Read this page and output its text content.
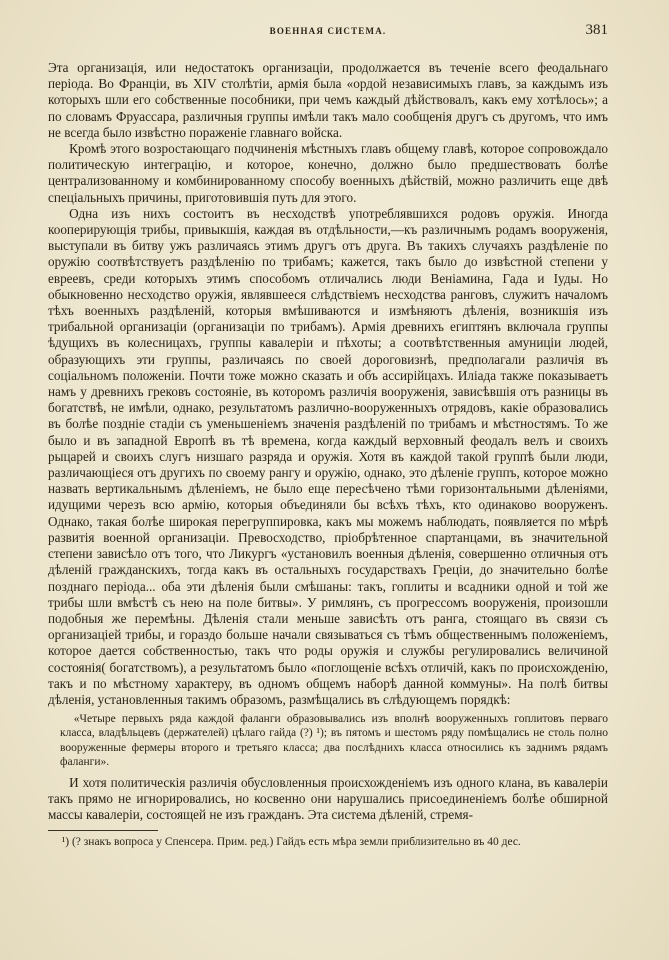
ВОЕННАЯ СИСТЕМА.	381

Эта организація, или недостатокъ организаціи, продолжается въ теченіе всего феодальнаго періода. Во Франціи, въ XIV столѣтіи, армія была «ордой независимыхъ главъ, за каждымъ изъ которыхъ шли его собственные пособники, при чемъ каждый дѣйствовалъ, какъ ему хотѣлось»; а по словамъ Фруассара, различныя группы имѣли такъ мало сообщенія другъ съ другомъ, что имъ не всегда было извѣстно пораженіе главнаго войска.

Кромѣ этого возростающаго подчиненія мѣстныхъ главъ общему главѣ, которое сопровождало политическую интеграцію, и которое, конечно, должно было предшествовать болѣе централизованному и комбинированному способу военныхъ дѣйствій, можно различить еще двѣ спеціальныхъ причины, приготовившія путь для этого.

Одна изъ нихъ состоитъ въ несходствѣ употреблявшихся родовъ оружія. Иногда кооперирующія трибы, привыкшія, каждая въ отдѣльности,—къ различнымъ родамъ вооруженія, выступали въ битву ужъ различаясь этимъ другъ отъ друга. Въ такихъ случаяхъ раздѣленіе по оружію соотвѣтствуетъ раздѣленію по трибамъ; кажется, такъ было до извѣстной степени у евреевъ, среди которыхъ этимъ способомъ отличались люди Веніамина, Гада и Іуды. Но обыкновенно несходство оружія, являвшееся слѣдствіемъ несходства ранговъ, служитъ началомъ тѣхъ военныхъ раздѣленій, которыя вмѣшиваются и измѣняютъ дѣленія, возникшія изъ трибальной организаціи (организаціи по трибамъ). Армія древнихъ египтянъ включала группы ѣдущихъ въ колесницахъ, группы кавалеріи и пѣхоты; а соотвѣтственныя амуниціи людей, образующихъ эти группы, различаясь по своей дороговизнѣ, предполагали различія въ соціальномъ положеніи. Почти тоже можно сказать и объ ассирійцахъ. Иліада также показываетъ намъ у древнихъ грековъ состояніе, въ которомъ различія вооруженія, зависѣвшія отъ разницы въ богатствѣ, не имѣли, однако, результатомъ различно-вооруженныхъ отрядовъ, какіе образовались въ болѣе поздніе стадіи съ уменьшеніемъ значенія раздѣленій по трибамъ и мѣстностямъ. То же было и въ западной Европѣ въ тѣ времена, когда каждый верховный феодалъ велъ и своихъ рыцарей и своихъ слугъ низшаго разряда и оружія. Хотя въ каждой такой группѣ были люди, различающіеся отъ другихъ по своему рангу и оружію, однако, это дѣленіе группъ, которое можно назвать вертикальнымъ дѣленіемъ, не было еще пересѣчено тѣми горизонтальными дѣленіями, идущими черезъ всю армію, которыя объединяли бы всѣхъ тѣхъ, кто одинаково вооруженъ. Однако, такая болѣе широкая перегруппировка, какъ мы можемъ наблюдать, появляется по мѣрѣ развитія военной организаціи. Превосходство, пріобрѣтенное спартанцами, въ значительной степени зависѣло отъ того, что Ликургъ «установилъ военныя дѣленія, совершенно отличныя отъ дѣленій гражданскихъ, тогда какъ въ остальныхъ государствахъ Греціи, до значительно болѣе позднаго періода... оба эти дѣленія были смѣшаны: такъ, гоплиты и всадники одной и той же трибы шли вмѣстѣ съ нею на поле битвы». У римлянъ, съ прогрессомъ вооруженія, произошли подобныя же перемѣны. Дѣленія стали меньше зависѣть отъ ранга, стоящаго въ связи съ организаціей трибы, и гораздо больше начали связываться съ тѣмъ общественнымъ положеніемъ, которое дается собственностью, такъ что роды оружія и службы регулировались величиной состоянія( богатствомъ), а результатомъ было «поглощеніе всѣхъ отличій, какъ по происхожденію, такъ и по мѣстному характеру, въ одномъ общемъ наборѣ данной коммуны». На полѣ битвы дѣленія, установленныя такимъ образомъ, размѣщались въ слѣдующемъ порядкѣ:

«Четыре первыхъ ряда каждой фаланги образовывались изъ вполнѣ вооруженныхъ гоплитовъ перваго класса, владѣльцевъ (держателей) цѣлаго гайда (?) ¹); въ пятомъ и шестомъ ряду помѣщались не столь полно вооруженные фермеры второго и третьяго класса; два послѣднихъ класса относились къ заднимъ рядамъ фаланги».

И хотя политическія различія обусловленныя происхожденіемъ изъ одного клана, въ кавалеріи такъ прямо не игнорировались, но косвенно они нарушались присоединеніемъ болѣе обширной массы кавалеріи, состоящей не изъ гражданъ. Эта система дѣленій, стремя-

¹) (? знакъ вопроса у Спенсера. Прим. ред.) Гайдъ есть мѣра земли приблизительно въ 40 дес.
